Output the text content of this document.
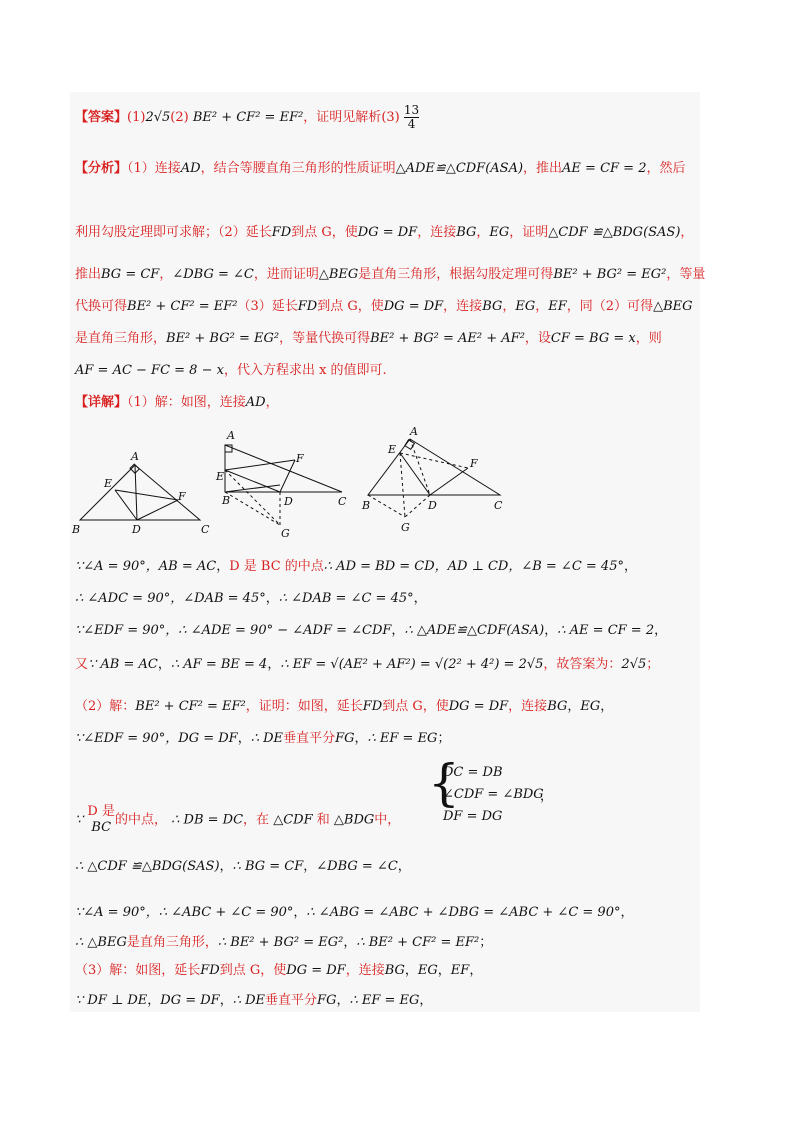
【答案】(1)2√5(2) BE² + CF² = EF²，证明见解析$(3) \frac{13}{4}$
【分析】（1）连接AD，结合等腰直角三角形的性质证明△ADE≌△CDF(ASA)，推出AE = CF = 2，然后
利用勾股定理即可求解；（2）延长FD到点 G，使DG = DF，连接BG，EG，证明△CDF ≌△BDG(SAS)，
推出BG = CF，∠DBG = ∠C，进而证明△BEG是直角三角形，根据勾股定理可得BE² + BG² = EG²，等量
代换可得BE² + CF² = EF²（3）延长FD到点 G，使DG = DF，连接BG，EG，EF，同（2）可得△BEG
是直角三角形，BE² + BG² = EG²，等量代换可得BE² + BG² = AE² + AF²，设CF = BG = x，则
AF = AC − FC = 8 − x，代入方程求出 x 的值即可.
【详解】（1）解：如图，连接AD，
A
B	C
D
E
F
A
B	C
D
E
F
G
A
B	C
D
E
F
G
∵∠A = 90°，AB = AC，D 是 BC 的中点∴ AD = BD = CD，AD ⊥ CD，∠B = ∠C = 45°，
∴ ∠ADC = 90°，∠DAB = 45°，∴ ∠DAB = ∠C = 45°，
∵∠EDF = 90°，∴ ∠ADE = 90° − ∠ADF = ∠CDF，∴ △ADE≌△CDF(ASA)，∴ AE = CF = 2，
又∵ AB = AC，∴ AF = BE = 4，∴ EF = √(AE² + AF²) = √(2² + 4²) = 2√5，故答案为：2√5；
（2）解：BE² + CF² = EF²，证明：如图，延长FD到点 G，使DG = DF，连接BG，EG，
∵∠EDF = 90°，DG = DF，∴ DE垂直平分FG，∴ EF = EG；
∵
D 是
BC 的中点， ∴ DB = DC，在 △CDF 和 △BDG中，
{
DC = DB
∠CDF = ∠BDG
DF = DG
，
∴ △CDF ≌△BDG(SAS)，∴ BG = CF，∠DBG = ∠C，
∵∠A = 90°，∴ ∠ABC + ∠C = 90°，∴ ∠ABG = ∠ABC + ∠DBG = ∠ABC + ∠C = 90°，
∴ △BEG是直角三角形，∴ BE² + BG² = EG²，∴ BE² + CF² = EF²；
（3）解：如图，延长FD到点 G，使DG = DF，连接BG，EG，EF，
∵ DF ⊥ DE，DG = DF，∴ DE垂直平分FG，∴ EF = EG，
